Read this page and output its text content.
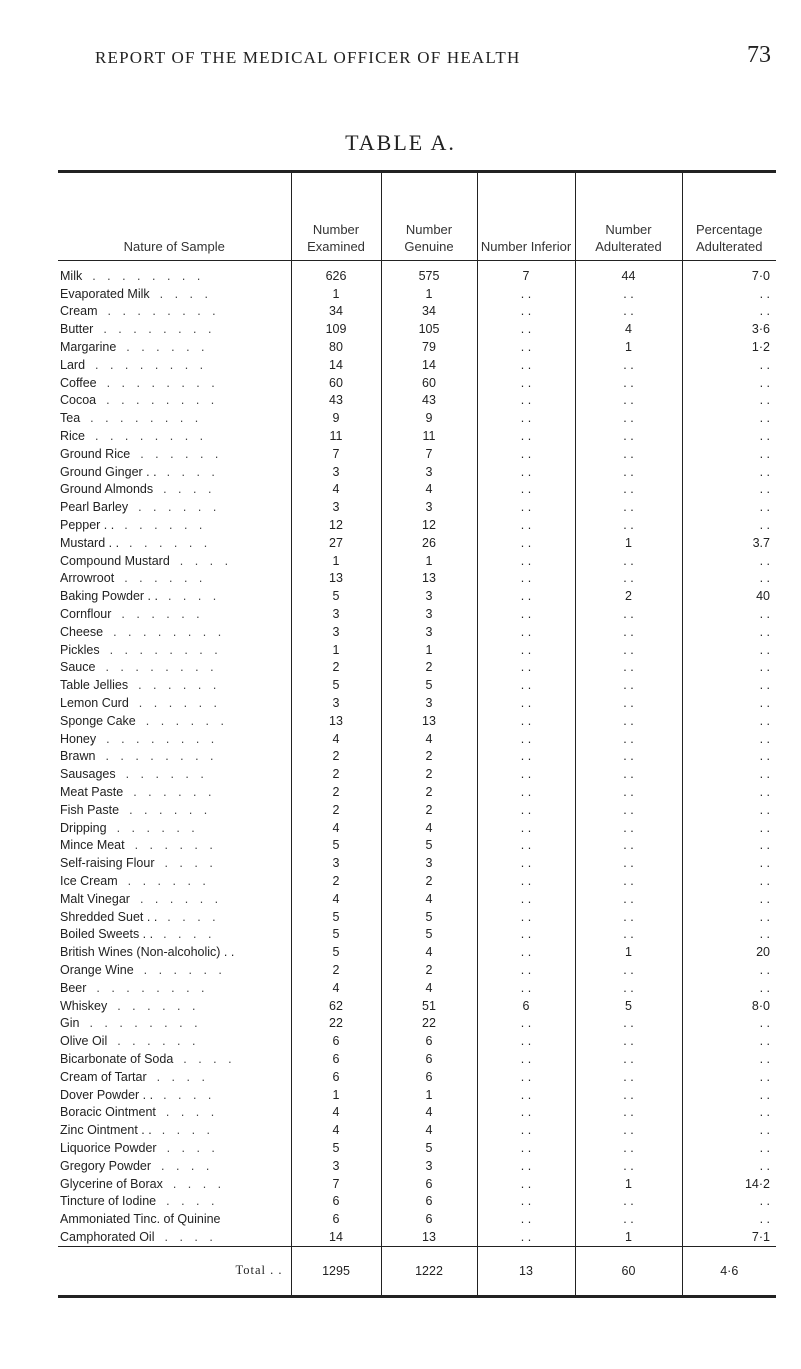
REPORT OF THE MEDICAL OFFICER OF HEALTH	73
TABLE A.
Nature of Sample	Number Examined	Number Genuine	Number Inferior	Number Adulterated	Percentage Adulterated
Milk . . . . . . . .	626	575	7	44	7·0
Evaporated Milk . . . .	1	1	. .	. .	. .
Cream . . . . . . . .	34	34	. .	. .	. .
Butter . . . . . . . .	109	105	. .	4	3·6
Margarine . . . . . .	80	79	. .	1	1·2
Lard . . . . . . . .	14	14	. .	. .	. .
Coffee . . . . . . . .	60	60	. .	. .	. .
Cocoa . . . . . . . .	43	43	. .	. .	. .
Tea . . . . . . . .	9	9	. .	. .	. .
Rice . . . . . . . .	11	11	. .	. .	. .
Ground Rice . . . . . .	7	7	. .	. .	. .
Ground Ginger . . . . . .	3	3	. .	. .	. .
Ground Almonds . . . .	4	4	. .	. .	. .
Pearl Barley . . . . . .	3	3	. .	. .	. .
Pepper . . . . . . . .	12	12	. .	. .	. .
Mustard . . . . . . . .	27	26	. .	1	3.7
Compound Mustard . . . .	1	1	. .	. .	. .
Arrowroot . . . . . .	13	13	. .	. .	. .
Baking Powder . . . . . .	5	3	. .	2	40
Cornflour . . . . . .	3	3	. .	. .	. .
Cheese . . . . . . . .	3	3	. .	. .	. .
Pickles . . . . . . . .	1	1	. .	. .	. .
Sauce . . . . . . . .	2	2	. .	. .	. .
Table Jellies . . . . . .	5	5	. .	. .	. .
Lemon Curd . . . . . .	3	3	. .	. .	. .
Sponge Cake . . . . . .	13	13	. .	. .	. .
Honey . . . . . . . .	4	4	. .	. .	. .
Brawn . . . . . . . .	2	2	. .	. .	. .
Sausages . . . . . .	2	2	. .	. .	. .
Meat Paste . . . . . .	2	2	. .	. .	. .
Fish Paste . . . . . .	2	2	. .	. .	. .
Dripping . . . . . .	4	4	. .	. .	. .
Mince Meat . . . . . .	5	5	. .	. .	. .
Self-raising Flour . . . .	3	3	. .	. .	. .
Ice Cream . . . . . .	2	2	. .	. .	. .
Malt Vinegar . . . . . .	4	4	. .	. .	. .
Shredded Suet . . . . . .	5	5	. .	. .	. .
Boiled Sweets . . . . . .	5	5	. .	. .	. .
British Wines (Non-alcoholic) . .	5	4	. .	1	20
Orange Wine . . . . . .	2	2	. .	. .	. .
Beer . . . . . . . .	4	4	. .	. .	. .
Whiskey . . . . . .	62	51	6	5	8·0
Gin . . . . . . . .	22	22	. .	. .	. .
Olive Oil . . . . . .	6	6	. .	. .	. .
Bicarbonate of Soda . . . .	6	6	. .	. .	. .
Cream of Tartar . . . .	6	6	. .	. .	. .
Dover Powder . . . . . .	1	1	. .	. .	. .
Boracic Ointment . . . .	4	4	. .	. .	. .
Zinc Ointment . . . . . .	4	4	. .	. .	. .
Liquorice Powder . . . .	5	5	. .	. .	. .
Gregory Powder . . . .	3	3	. .	. .	. .
Glycerine of Borax . . . .	7	6	. .	1	14·2
Tincture of Iodine . . . .	6	6	. .	. .	. .
Ammoniated Tinc. of Quinine	6	6	. .	. .	. .
Camphorated Oil . . . .	14	13	. .	1	7·1
Total . .	1295	1222	13	60	4·6
